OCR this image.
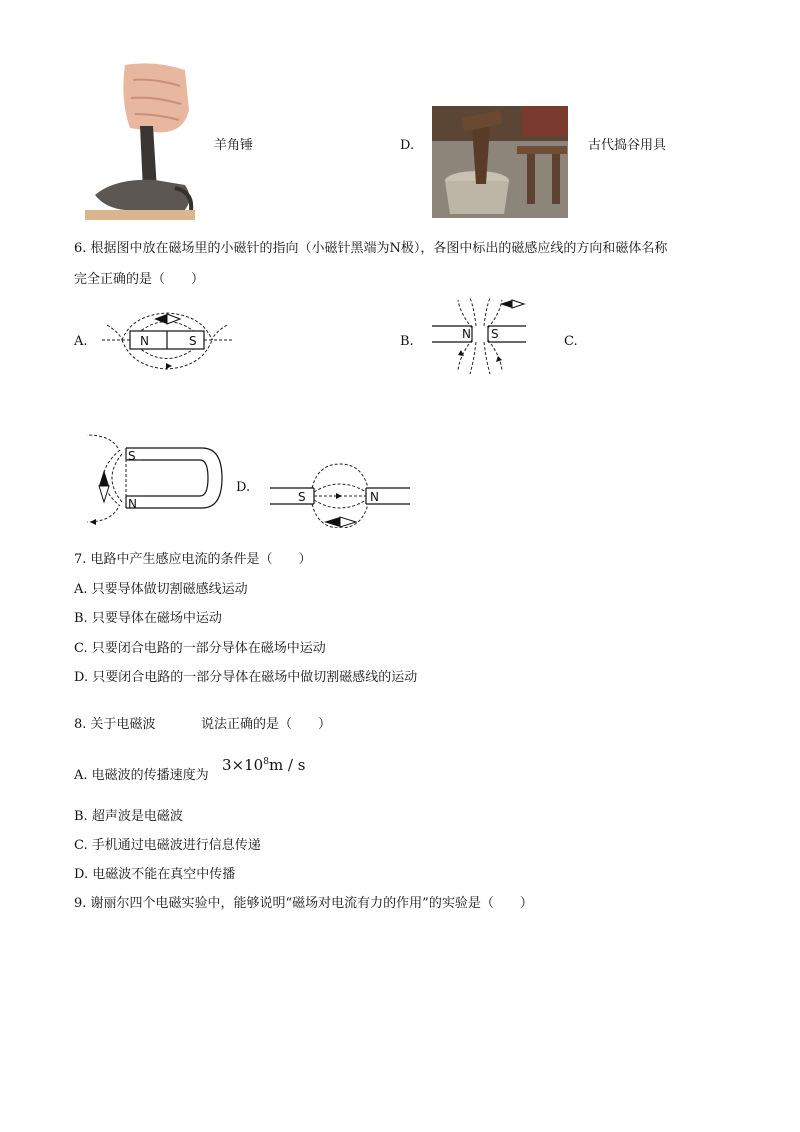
羊角锤	D.	古代捣谷用具
6. 根据图中放在磁场里的小磁针的指向（小磁针黑端为N极），各图中标出的磁感应线的方向和磁体名称
完全正确的是（　　）
A.	N	S	B.	N S	C.
S
N
D.
S	N
7. 电路中产生感应电流的条件是（　　）
A. 只要导体做切割磁感线运动
B. 只要导体在磁场中运动
C. 只要闭合电路的一部分导体在磁场中运动
D. 只要闭合电路的一部分导体在磁场中做切割磁感线的运动
8. 关于电磁波	说法正确的是（　　）
A. 电磁波的传播速度为
$3\times 10^8m / s$
B. 超声波是电磁波
C. 手机通过电磁波进行信息传递
D. 电磁波不能在真空中传播
9. 谢丽尔四个电磁实验中，能够说明“磁场对电流有力的作用”的实验是（　　）
